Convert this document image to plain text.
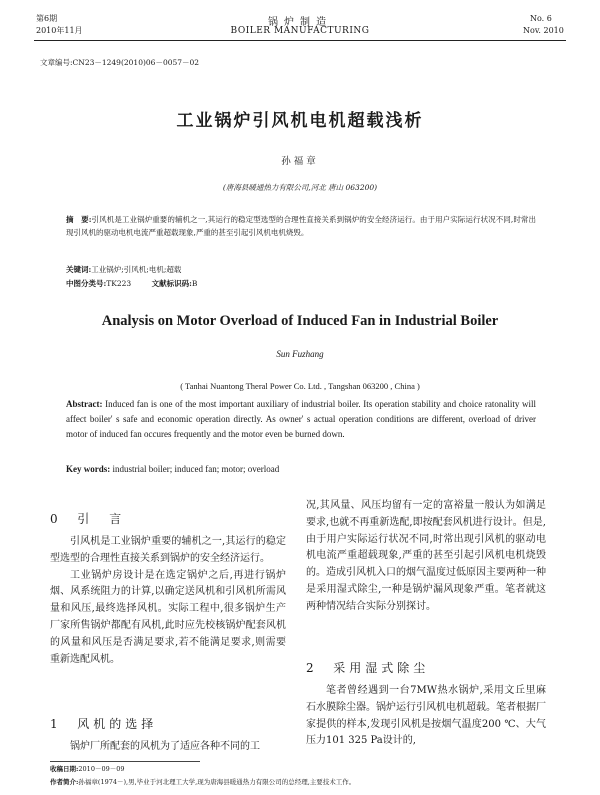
第6期
2010年11月
锅炉制造
BOILER MANUFACTURING
No. 6
Nov. 2010
文章编号:CN23－1249(2010)06－0057－02
工业锅炉引风机电机超载浅析
孙福章
(唐海县暖通热力有限公司,河北 唐山 063200)
摘　要:引风机是工业锅炉重要的辅机之一,其运行的稳定型选型的合理性直接关系到锅炉的安全经济运行。由于用户实际运行状况不同,时常出现引风机的驱动电机电流严重超载现象,严重的甚至引起引风机电机烧毁。
关键词:工业锅炉;引风机;电机;超载
中图分类号:TK223	文献标识码:B
Analysis on Motor Overload of Induced Fan in Industrial Boiler
Sun Fuzhang
( Tanhai Nuantong Theral Power Co. Ltd. , Tangshan 063200 , China )
Abstract: Induced fan is one of the most important auxiliary of industrial boiler. Its operation stability and choice ratonality will affect boiler' s safe and economic operation directly. As owner' s actual operation conditions are different, overload of driver motor of induced fan occures frequently and the motor even be burned down.
Key words: industrial boiler; induced fan; motor; overload
0 引　言

引风机是工业锅炉重要的辅机之一,其运行的稳定型选型的合理性直接关系到锅炉的安全经济运行。

工业锅炉房设计是在选定锅炉之后,再进行锅炉烟、风系统阻力的计算,以确定送风机和引风机所需风量和风压,最终选择风机。实际工程中,很多锅炉生产厂家所售锅炉都配有风机,此时应先校核锅炉配套风机的风量和风压是否满足要求,若不能满足要求,则需要重新选配风机。

1 风机的选择

锅炉厂所配套的风机为了适应各种不同的工

况,其风量、风压均留有一定的富裕量一般认为如满足要求,也就不再重新选配,即按配套风机进行设计。但是,由于用户实际运行状况不同,时常出现引风机的驱动电机电流严重超载现象,严重的甚至引起引风机电机烧毁的。造成引风机入口的烟气温度过低原因主要两种一种是采用湿式除尘,一种是锅炉漏风现象严重。笔者就这两种情况结合实际分别探讨。

2 采用湿式除尘

笔者曾经遇到一台7MW热水锅炉,采用文丘里麻石水膜除尘器。锅炉运行引风机电机超载。笔者根据厂家提供的样本,发现引风机是按烟气温度200 ℃、大气压力101 325 Pa设计的,

收稿日期:2010－09－09
作者简介:孙福章(1974－),男,毕业于河北理工大学,现为唐海县暖通热力有限公司的总经理,主要技术工作。
